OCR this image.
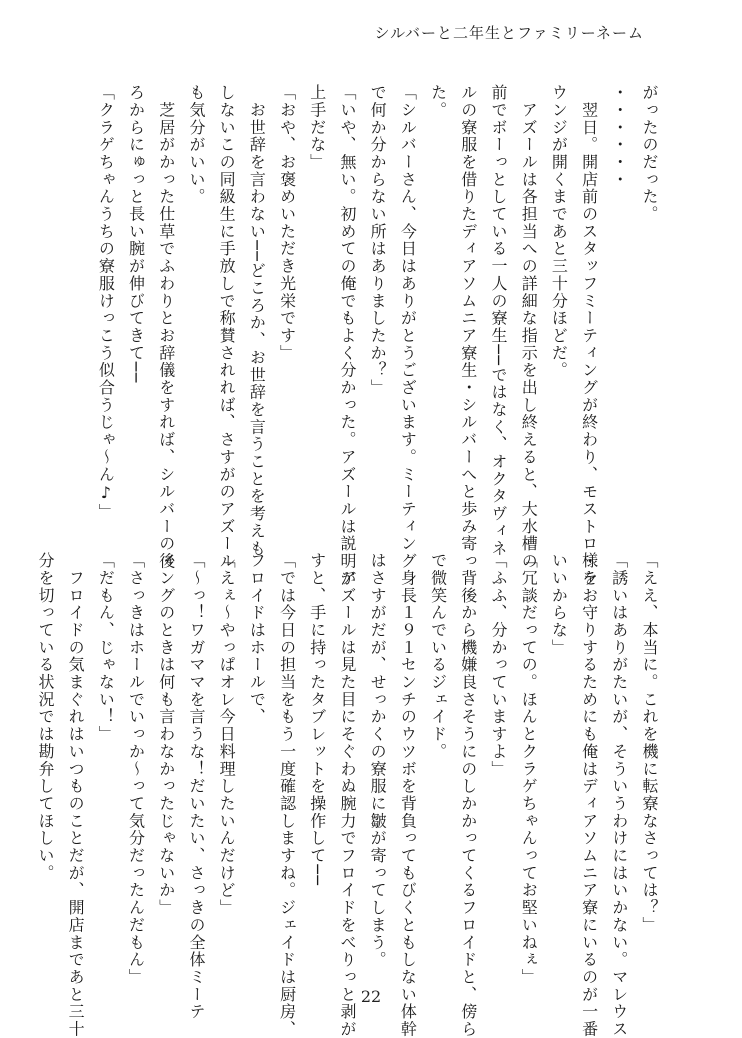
シルバーと二年生とファミリーネーム
がったのだった。
・・・・・・
　翌日。開店前のスタッフミーティングが終わり、モストロ・ラ
ウンジが開くまであと三十分ほどだ。
　アズールは各担当への詳細な指示を出し終えると、大水槽の
前でボーっとしている一人の寮生──ではなく、オクタヴィネ
ルの寮服を借りたディアソムニア寮生・シルバーへと歩み寄っ
た。
「シルバーさん、今日はありがとうございます。ミーティング
で何か分からない所はありましたか？」
「いや、無い。初めての俺でもよく分かった。アズールは説明が
上手だな」
「おや、お褒めいただき光栄です」
　お世辞を言わない──どころか、お世辞を言うことを考えも
しないこの同級生に手放しで称賛されれば、さすがのアズール
も気分がいい。
　芝居がかった仕草でふわりとお辞儀をすれば、シルバーの後
ろからにゅっと長い腕が伸びてきて──
「クラゲちゃんうちの寮服けっこう似合うじゃ〜ん♪」
「ええ、本当に。これを機に転寮なさっては？」
「誘いはありがたいが、そういうわけにはいかない。マレウス
様をお守りするためにも俺はディアソムニア寮にいるのが一番
いいからな」
「冗談だっての。ほんとクラゲちゃんってお堅いねぇ」
「ふふ、分かっていますよ」
　背後から機嫌良さそうにのしかかってくるフロイドと、傍ら
で微笑んでいるジェイド。
　身長１９１センチのウツボを背負ってもびくともしない体幹
はさすがだが、せっかくの寮服に皺が寄ってしまう。
　アズールは見た目にそぐわぬ腕力でフロイドをべりっと剥が
すと、手に持ったタブレットを操作して──
「では今日の担当をもう一度確認しますね。ジェイドは厨房、
フロイドはホールで、
「えぇ〜やっぱオレ今日料理したいんだけど」
「〜っ！ワガママを言うな！だいたい、さっきの全体ミーテ
ィングのときは何も言わなかったじゃないか」
「さっきはホールでいっか〜って気分だったんだもん」
「だもん、じゃない！」
　フロイドの気まぐれはいつものことだが、開店まであと三十
分を切っている状況では勘弁してほしい。
22
